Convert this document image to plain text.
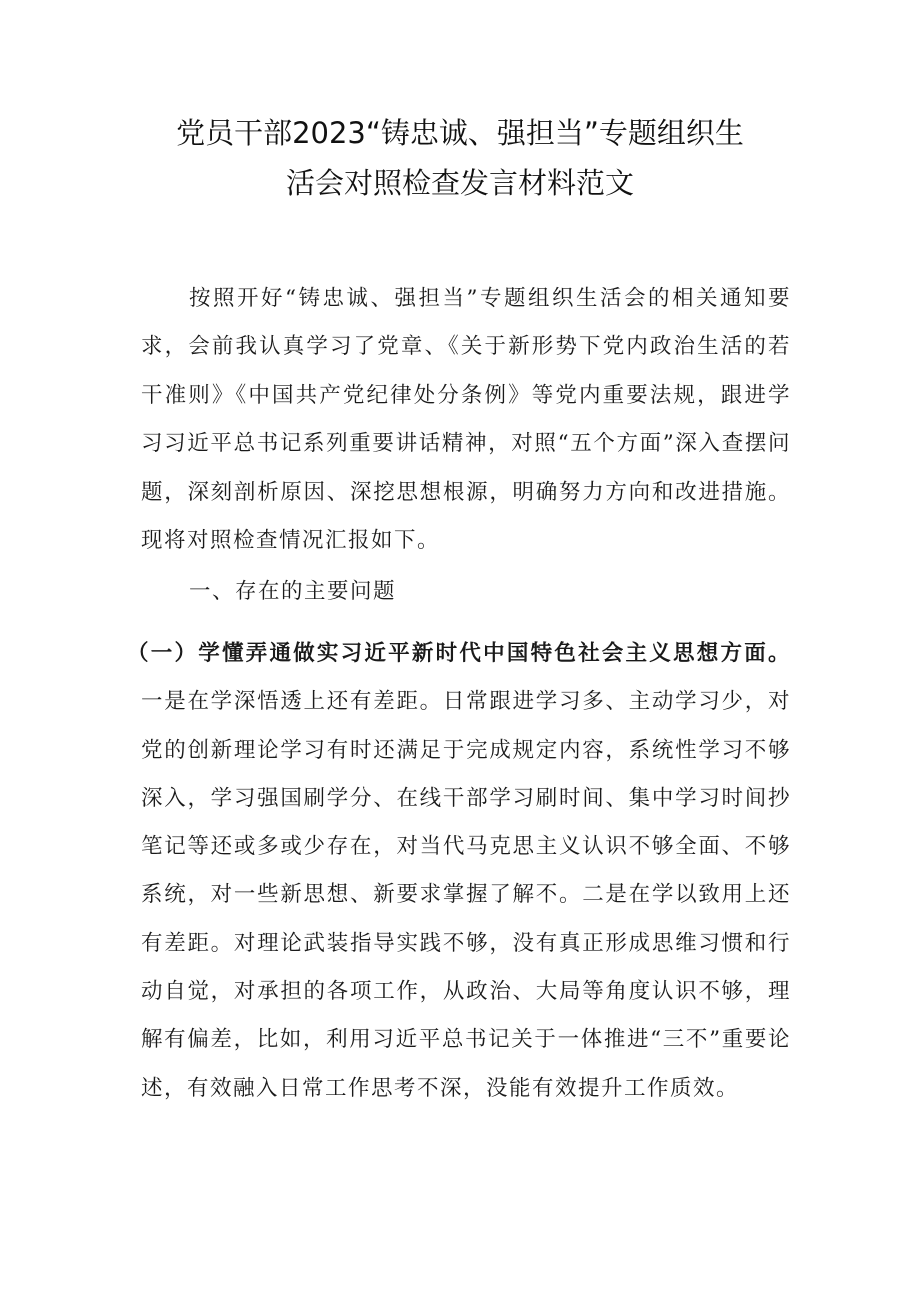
党员干部2023“铸忠诚、强担当”专题组织生
活会对照检查发言材料范文
按照开好“铸忠诚、强担当”专题组织生活会的相关通知要求，会前我认真学习了党章、《关于新形势下党内政治生活的若干准则》《中国共产党纪律处分条例》等党内重要法规，跟进学习习近平总书记系列重要讲话精神，对照“五个方面”深入查摆问题，深刻剖析原因、深挖思想根源，明确努力方向和改进措施。现将对照检查情况汇报如下。
一、存在的主要问题
（一）学懂弄通做实习近平新时代中国特色社会主义思想方面。一是在学深悟透上还有差距。日常跟进学习多、主动学习少，对党的创新理论学习有时还满足于完成规定内容，系统性学习不够深入，学习强国刷学分、在线干部学习刷时间、集中学习时间抄笔记等还或多或少存在，对当代马克思主义认识不够全面、不够系统，对一些新思想、新要求掌握了解不。二是在学以致用上还有差距。对理论武装指导实践不够，没有真正形成思维习惯和行动自觉，对承担的各项工作，从政治、大局等角度认识不够，理解有偏差，比如，利用习近平总书记关于一体推进“三不”重要论述，有效融入日常工作思考不深，没能有效提升工作质效。
